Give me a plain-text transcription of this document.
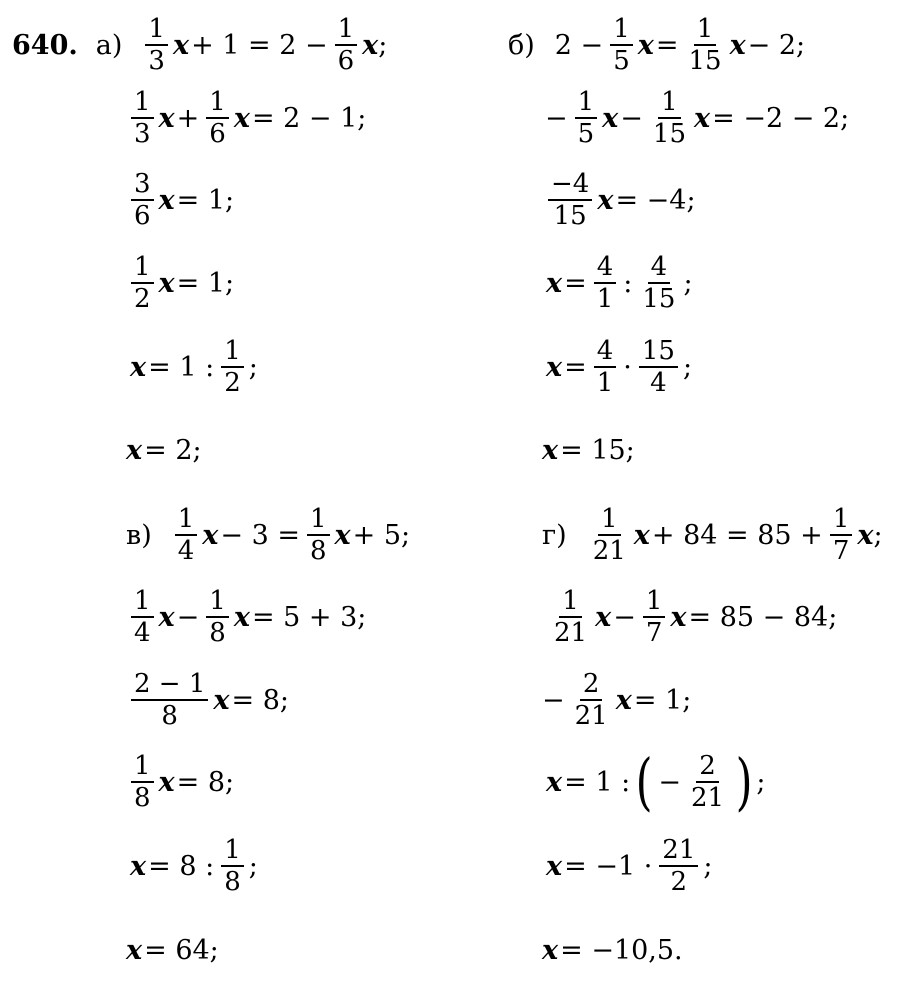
640. $а) \frac{1}{3}$ $x + 1 = 2 - \frac{1}{6}$ x ;
$\frac{1}{3}$ $x + \frac{1}{6}$ x = 2 − 1;
$\frac{3}{6}$ x = 1;
$\frac{1}{2}$ x = 1;
x = 1 : $\frac{1}{2}$ ;
x = 2;
б) $2 - \frac{1}{5}$ $x = \frac{1}{15}$ x − 2;
− $\frac{1}{5}$ $x - \frac{1}{15}$ x = −2 − 2;
$\frac{-4}{15}$ x = −4;
$x = \frac{4}{1}$ : $\frac{4}{15}$ ;
$x = \frac{4}{1} \cdot \frac{15}{4}$ ;
x = 15;
$в) \frac{1}{4}$ $x - 3 = \frac{1}{8}$ x + 5;
$\frac{1}{4}$ $x - \frac{1}{8}$ x = 5 + 3;
$\frac{2 - 1}{8}$ x = 8;
$\frac{1}{8}$ x = 8;
x = 8 : $\frac{1}{8}$ ;
x = 64;
$г) \frac{1}{21}$ $x + 84 = 85 + \frac{1}{7}$ x ;
$\frac{1}{21}$ $x - \frac{1}{7}$ x = 85 − 84;
− $\frac{2}{21}$ x = 1;
x = 1 : ( − $\frac{2}{21}$ ) ;
$x = -1 \cdot \frac{21}{2}$ ;
x = −10,5.
